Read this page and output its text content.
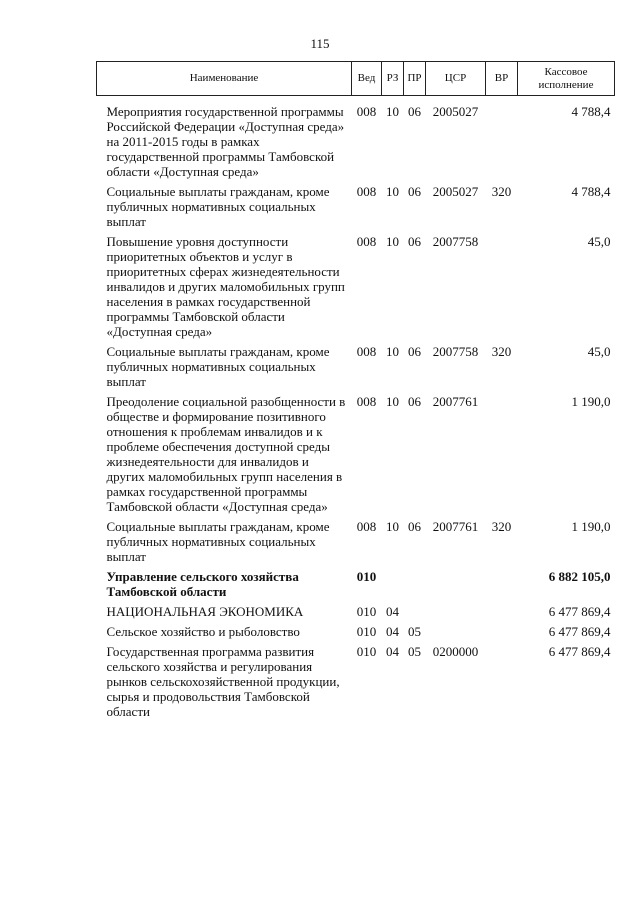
115
Наименование	Вед	РЗ	ПР	ЦСР	ВР	Кассовое исполнение
Мероприятия государственной программы Российской Федерации «Доступная среда» на 2011-2015 годы в рамках государственной программы Тамбовской области «Доступная среда»	008	10	06	2005027		4 788,4
Социальные выплаты гражданам, кроме публичных нормативных социальных выплат	008	10	06	2005027	320	4 788,4
Повышение уровня доступности приоритетных объектов и услуг в приоритетных сферах жизнедеятельности инвалидов и других маломобильных групп населения в рамках государственной программы Тамбовской области «Доступная среда»	008	10	06	2007758		45,0
Социальные выплаты гражданам, кроме публичных нормативных социальных выплат	008	10	06	2007758	320	45,0
Преодоление социальной разобщенности в обществе и формирование позитивного отношения к проблемам инвалидов и к проблеме обеспечения доступной среды жизнедеятельности для инвалидов и других маломобильных групп населения в рамках государственной программы Тамбовской области «Доступная среда»	008	10	06	2007761		1 190,0
Социальные выплаты гражданам, кроме публичных нормативных социальных выплат	008	10	06	2007761	320	1 190,0
Управление сельского хозяйства Тамбовской области	010					6 882 105,0
НАЦИОНАЛЬНАЯ ЭКОНОМИКА	010	04				6 477 869,4
Сельское хозяйство и рыболовство	010	04	05			6 477 869,4
Государственная программа развития сельского хозяйства и регулирования рынков сельскохозяйственной продукции, сырья и продовольствия Тамбовской области	010	04	05	0200000		6 477 869,4
